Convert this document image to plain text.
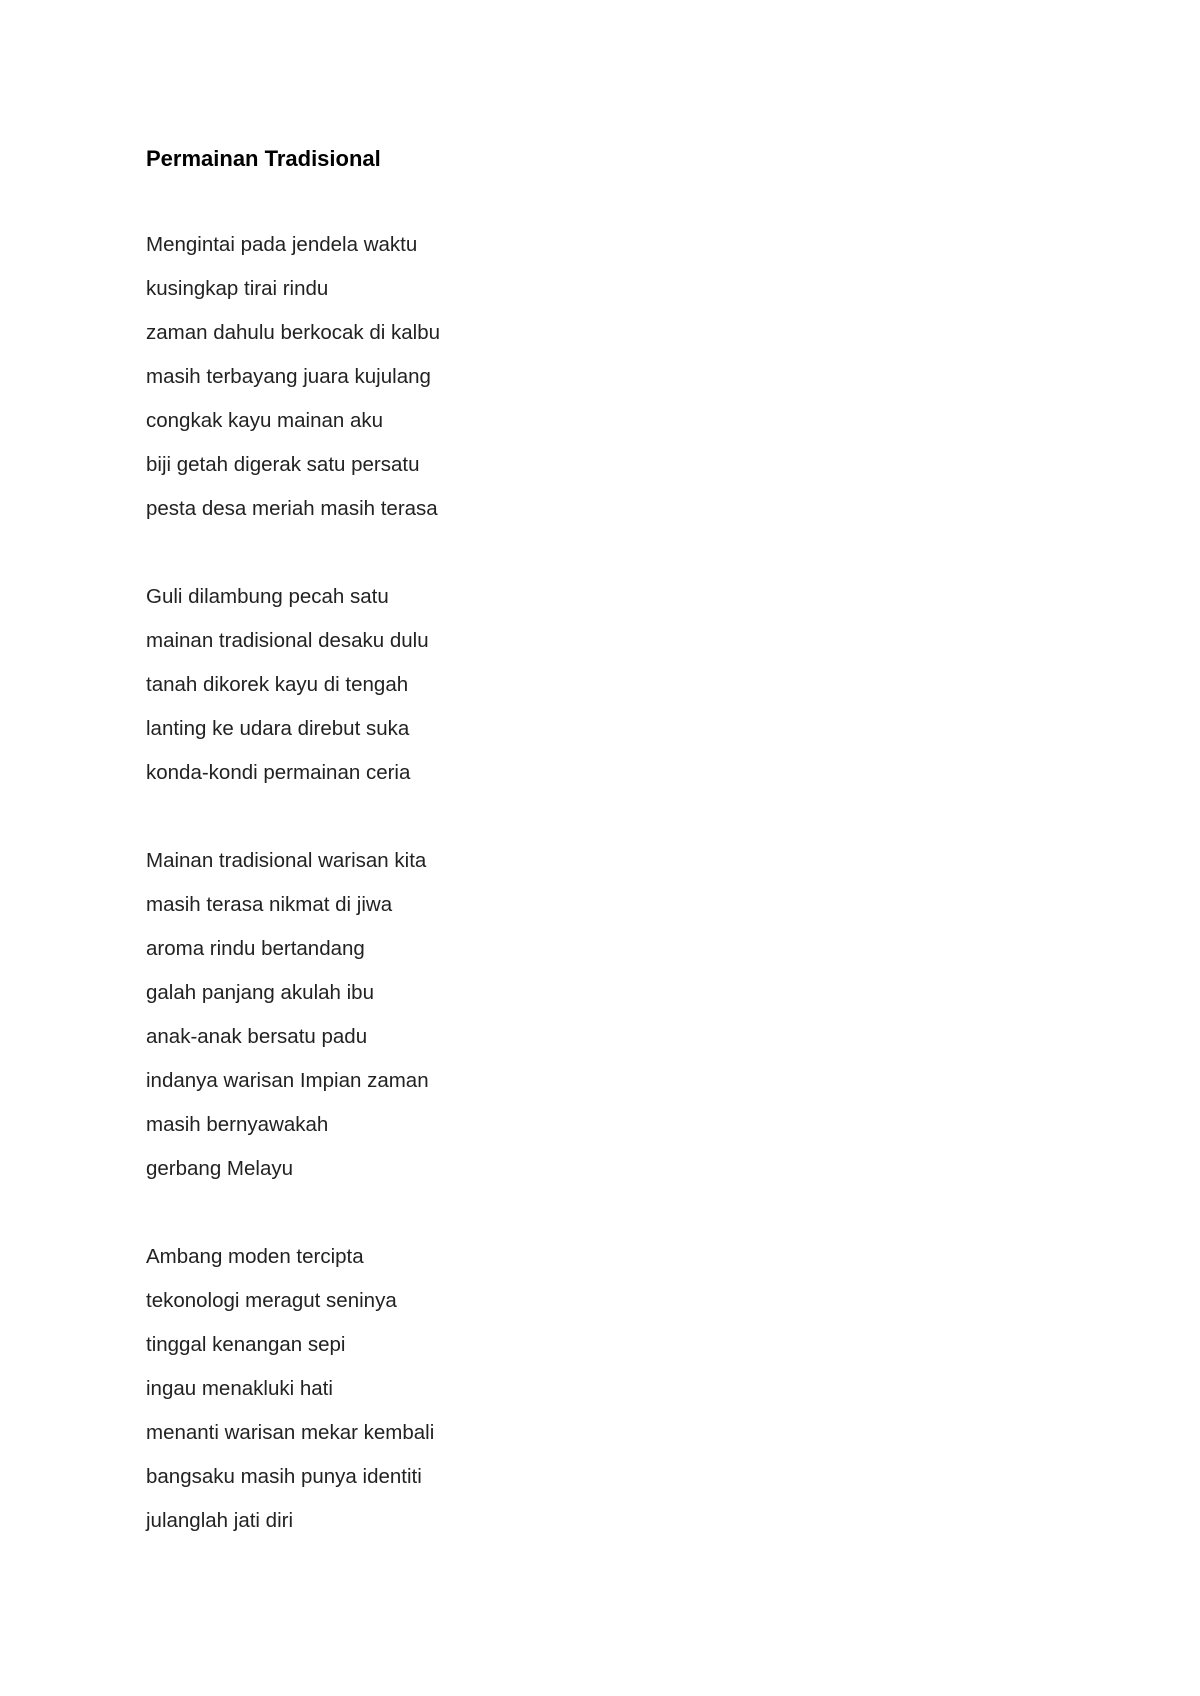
Permainan Tradisional
Mengintai pada jendela waktu
kusingkap tirai rindu
zaman dahulu berkocak di kalbu
masih terbayang juara kujulang
congkak kayu mainan aku
biji getah digerak satu persatu
pesta desa meriah masih terasa
Guli dilambung pecah satu
mainan tradisional desaku dulu
tanah dikorek kayu di tengah
lanting ke udara direbut suka
konda-kondi permainan ceria
Mainan tradisional warisan kita
masih terasa nikmat di jiwa
aroma rindu bertandang
galah panjang akulah ibu
anak-anak bersatu padu
indanya warisan Impian zaman
masih bernyawakah
gerbang Melayu
Ambang moden tercipta
tekonologi meragut seninya
tinggal kenangan sepi
ingau menakluki hati
menanti warisan mekar kembali
bangsaku masih punya identiti
julanglah jati diri
